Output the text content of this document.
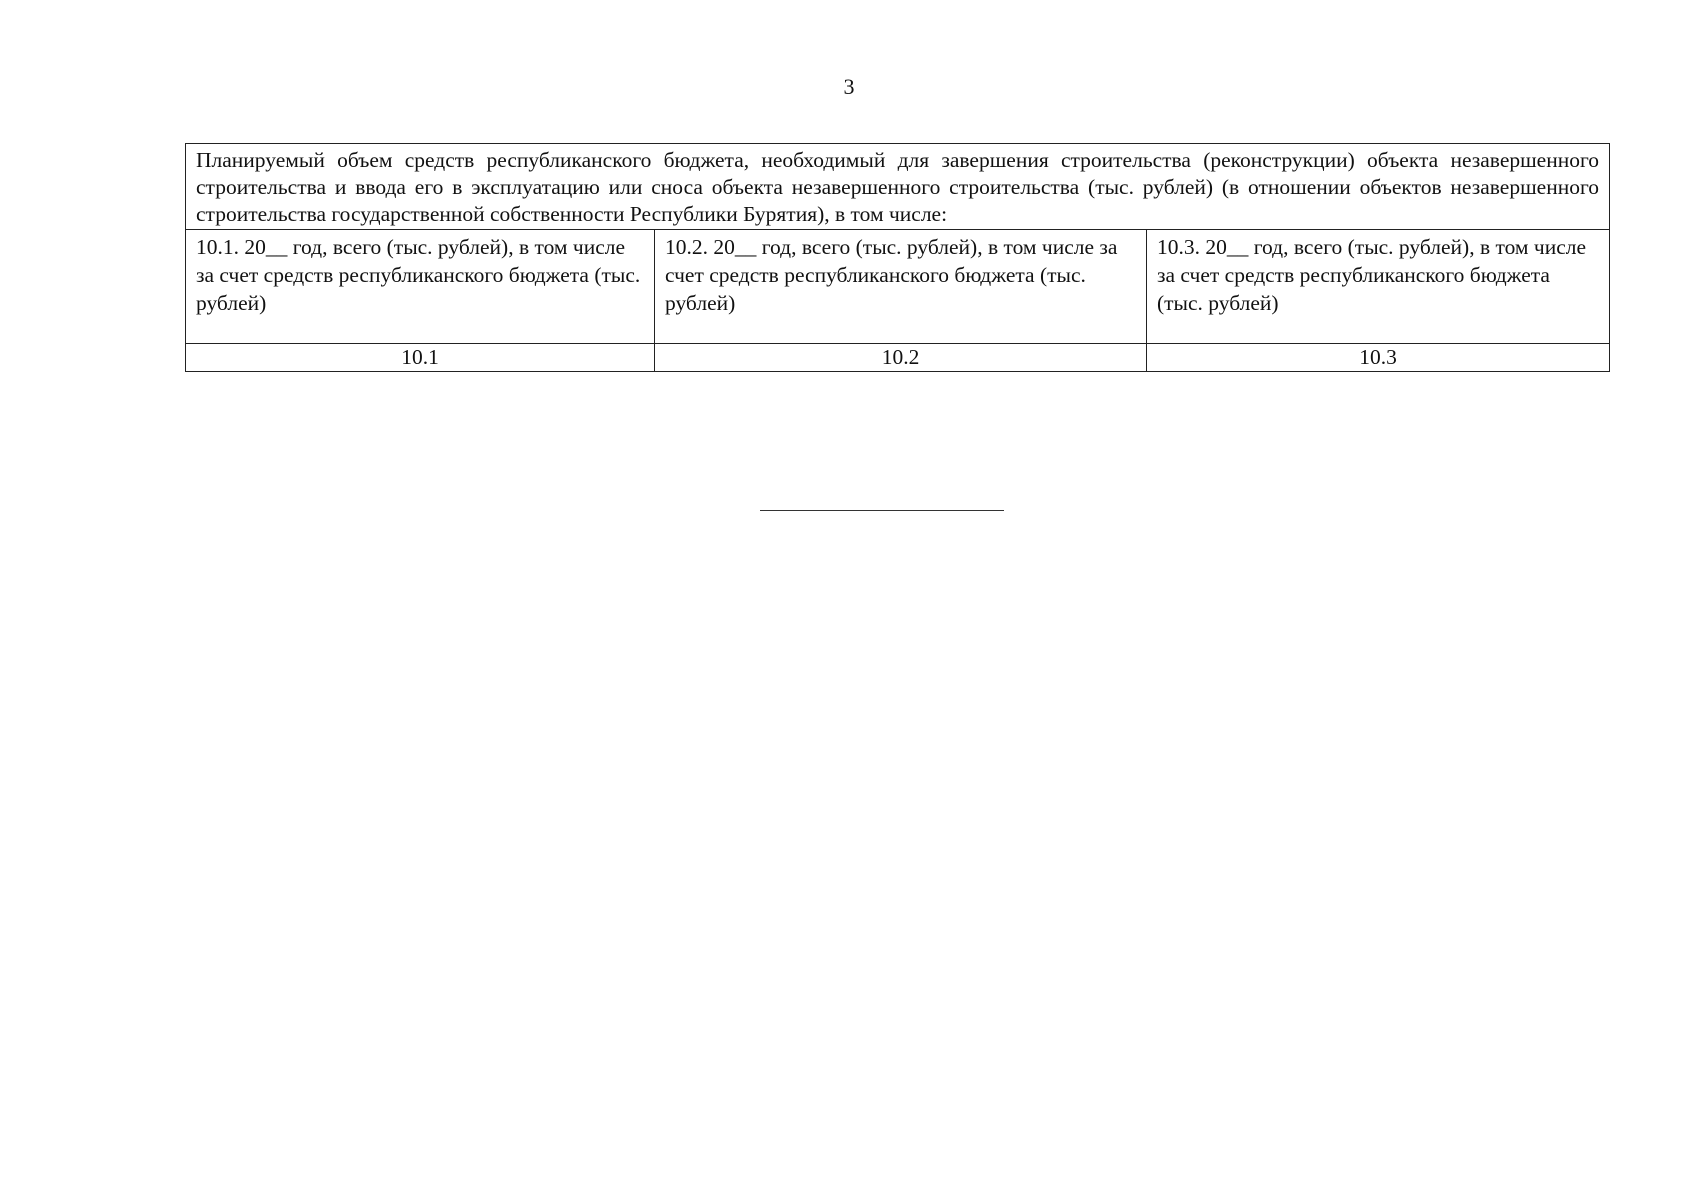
3
Планируемый объем средств республиканского бюджета, необходимый для завершения строительства (реконструкции) объекта незавершенного строительства и ввода его в эксплуатацию или сноса объекта незавершенного строительства (тыс. рублей) (в отношении объектов незавершенного строительства государственной собственности Республики Бурятия), в том числе:		
10.1. 20__ год, всего (тыс. рублей), в том числе за счет средств республиканского бюджета (тыс. рублей)	10.2. 20__ год, всего (тыс. рублей), в том числе за счет средств республиканского бюджета (тыс. рублей)	10.3. 20__ год, всего (тыс. рублей), в том числе за счет средств республиканского бюджета (тыс. рублей)
10.1	10.2	10.3
